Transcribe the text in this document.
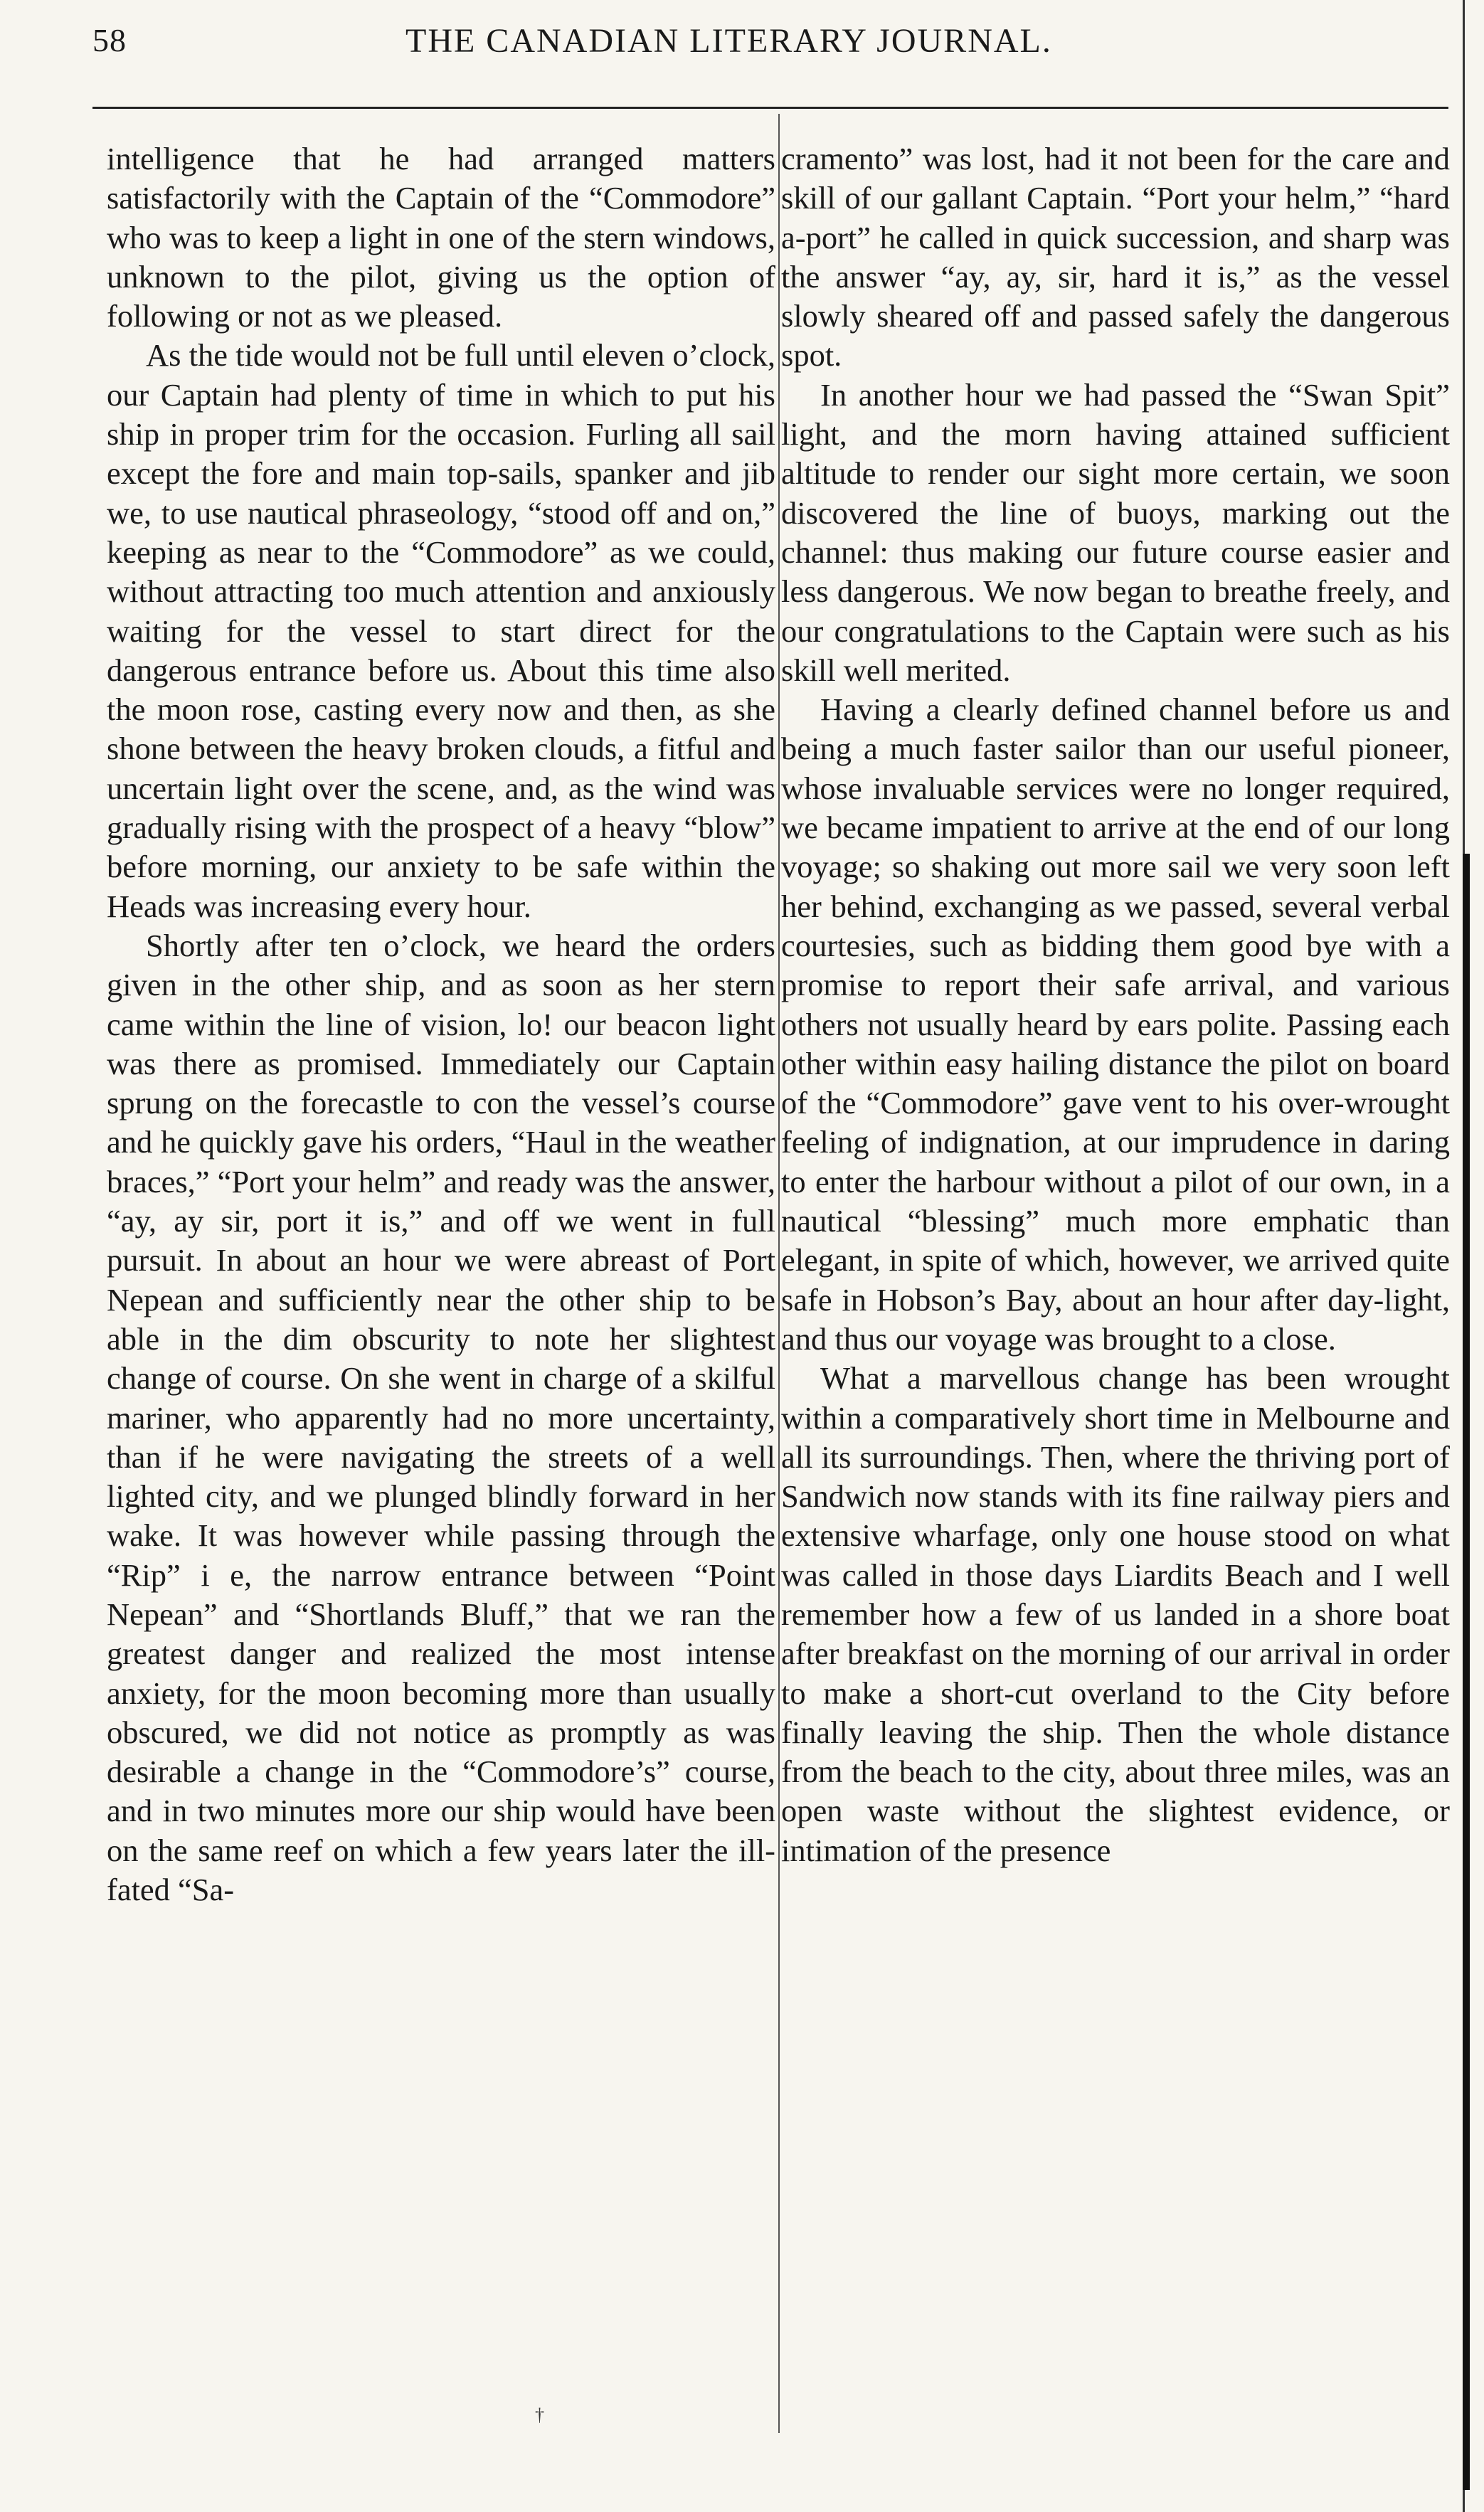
58	THE CANADIAN LITERARY JOURNAL.

intelligence that he had arranged matters satisfactorily with the Captain of the “Commodore” who was to keep a light in one of the stern windows, unknown to the pilot, giving us the option of following or not as we pleased.

As the tide would not be full until eleven o’clock, our Captain had plenty of time in which to put his ship in proper trim for the occasion. Furling all sail except the fore and main top-sails, spanker and jib we, to use nautical phraseology, “stood off and on,” keeping as near to the “Commodore” as we could, without attracting too much attention and anxiously waiting for the vessel to start direct for the dangerous entrance before us. About this time also the moon rose, casting every now and then, as she shone between the heavy broken clouds, a fitful and uncertain light over the scene, and, as the wind was gradually rising with the prospect of a heavy “blow” before morning, our anxiety to be safe within the Heads was increasing every hour.

Shortly after ten o’clock, we heard the orders given in the other ship, and as soon as her stern came within the line of vision, lo! our beacon light was there as promised. Immediately our Captain sprung on the forecastle to con the vessel’s course and he quickly gave his orders, “Haul in the weather braces,” “Port your helm” and ready was the answer, “ay, ay sir, port it is,” and off we went in full pursuit. In about an hour we were abreast of Port Nepean and sufficiently near the other ship to be able in the dim obscurity to note her slightest change of course. On she went in charge of a skilful mariner, who apparently had no more uncertainty, than if he were navigating the streets of a well lighted city, and we plunged blindly forward in her wake. It was however while passing through the “Rip” i e, the narrow entrance between “Point Nepean” and “Shortlands Bluff,” that we ran the greatest danger and realized the most intense anxiety, for the moon becoming more than usually obscured, we did not notice as promptly as was desirable a change in the “Commodore’s” course, and in two minutes more our ship would have been on the same reef on which a few years later the ill-fated “Sa-

cramento” was lost, had it not been for the care and skill of our gallant Captain. “Port your helm,” “hard a-port” he called in quick succession, and sharp was the answer “ay, ay, sir, hard it is,” as the vessel slowly sheared off and passed safely the dangerous spot.

In another hour we had passed the “Swan Spit” light, and the morn having attained sufficient altitude to render our sight more certain, we soon discovered the line of buoys, marking out the channel: thus making our future course easier and less dangerous. We now began to breathe freely, and our congratulations to the Captain were such as his skill well merited.

Having a clearly defined channel before us and being a much faster sailor than our useful pioneer, whose invaluable services were no longer required, we became impatient to arrive at the end of our long voyage; so shaking out more sail we very soon left her behind, exchanging as we passed, several verbal courtesies, such as bidding them good bye with a promise to report their safe arrival, and various others not usually heard by ears polite. Passing each other within easy hailing distance the pilot on board of the “Commodore” gave vent to his over-wrought feeling of indignation, at our imprudence in daring to enter the harbour without a pilot of our own, in a nautical “blessing” much more emphatic than elegant, in spite of which, however, we arrived quite safe in Hobson’s Bay, about an hour after day-light, and thus our voyage was brought to a close.

What a marvellous change has been wrought within a comparatively short time in Melbourne and all its surroundings. Then, where the thriving port of Sandwich now stands with its fine railway piers and extensive wharfage, only one house stood on what was called in those days Liardits Beach and I well remember how a few of us landed in a shore boat after breakfast on the morning of our arrival in order to make a short-cut overland to the City before finally leaving the ship. Then the whole distance from the beach to the city, about three miles, was an open waste without the slightest evidence, or intimation of the presence

†
